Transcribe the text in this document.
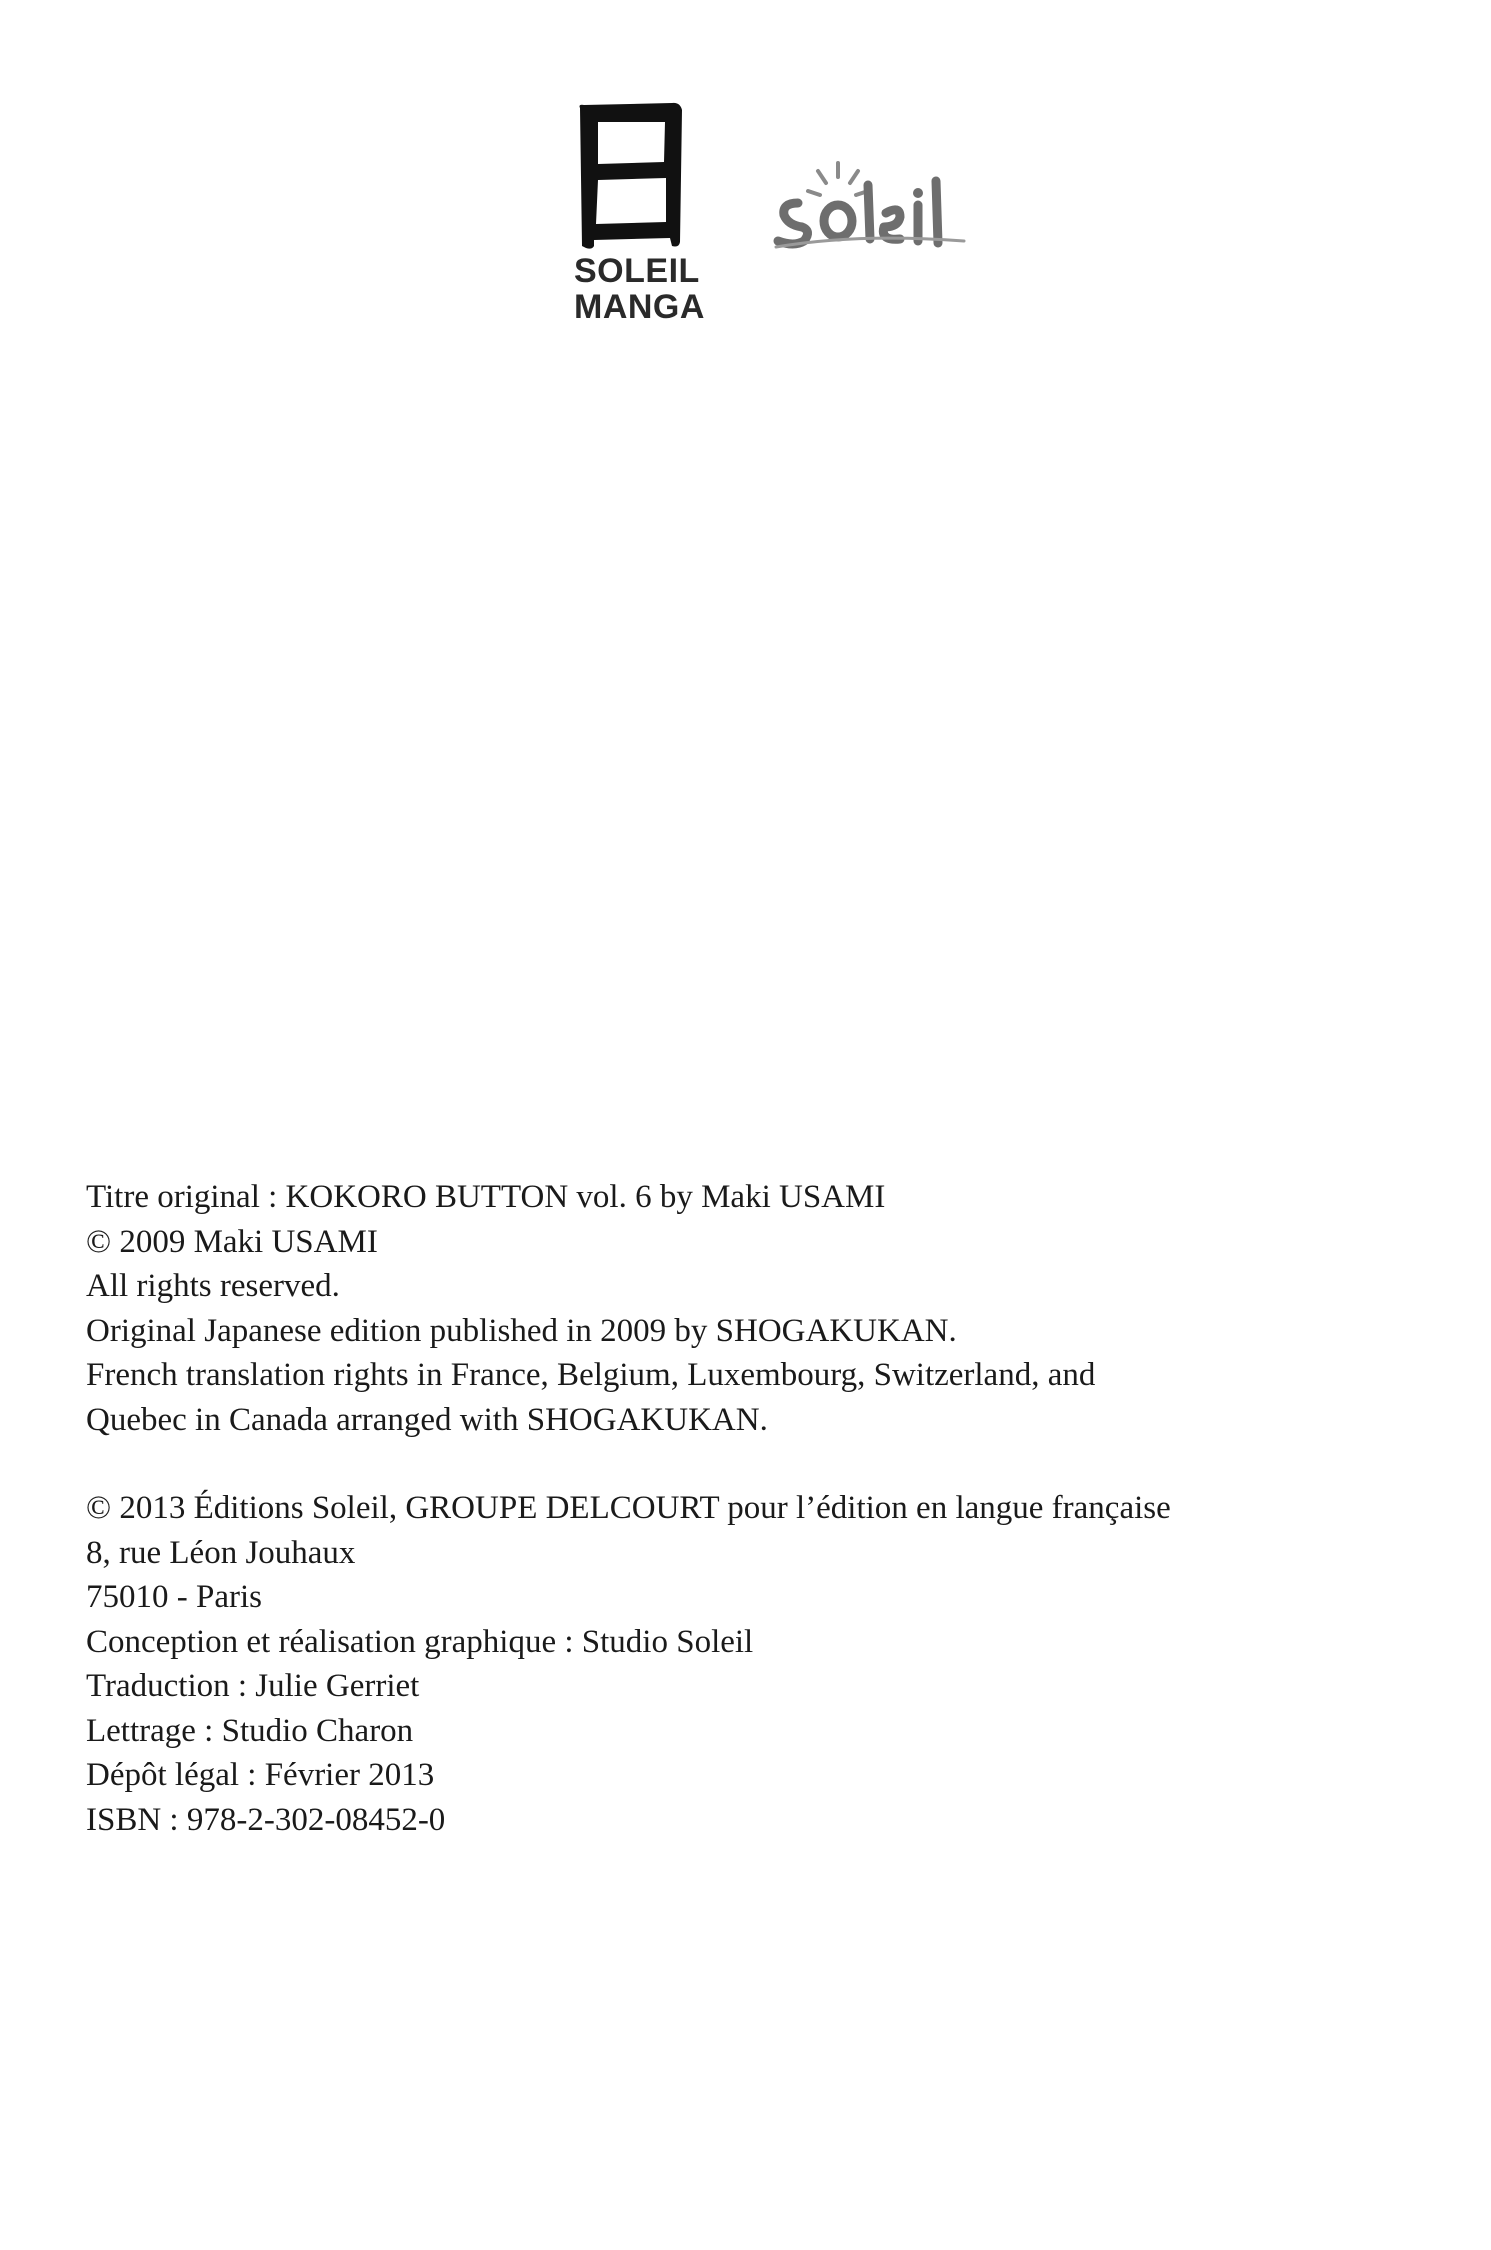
SOLEIL
MANGA
Titre original : KOKORO BUTTON vol. 6 by Maki USAMI
© 2009 Maki USAMI
All rights reserved.
Original Japanese edition published in 2009 by SHOGAKUKAN.
French translation rights in France, Belgium, Luxembourg, Switzerland, and
Quebec in Canada arranged with SHOGAKUKAN.
© 2013 Éditions Soleil, GROUPE DELCOURT pour l’édition en langue française
8, rue Léon Jouhaux
75010 - Paris
Conception et réalisation graphique : Studio Soleil
Traduction : Julie Gerriet
Lettrage : Studio Charon
Dépôt légal : Février 2013
ISBN : 978-2-302-08452-0
